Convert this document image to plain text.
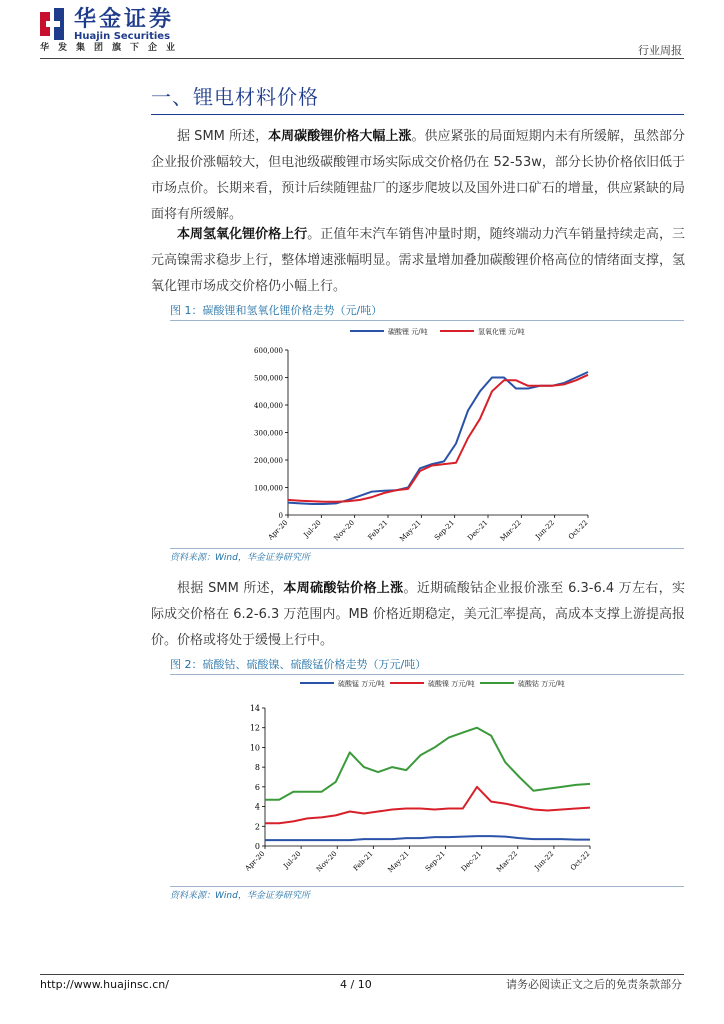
华金证券
Huajin Securities
华发集团旗下企业	行业周报
一、锂电材料价格
据 SMM 所述，本周碳酸锂价格大幅上涨。供应紧张的局面短期内未有所缓解，虽然部分企业报价涨幅较大，但电池级碳酸锂市场实际成交价格仍在 52-53w，部分长协价格依旧低于市场点价。长期来看，预计后续随锂盐厂的逐步爬坡以及国外进口矿石的增量，供应紧缺的局面将有所缓解。
本周氢氧化锂价格上行。正值年末汽车销售冲量时期，随终端动力汽车销量持续走高，三元高镍需求稳步上行，整体增速涨幅明显。需求量增加叠加碳酸锂价格高位的情绪面支撑，氢氧化锂市场成交价格仍小幅上行。
图 1：碳酸锂和氢氧化锂价格走势（元/吨）
碳酸锂 元/吨	氢氧化锂 元/吨
0
100,000
200,000
300,000
400,000
500,000
600,000
Apr-20 Jul-20 Nov-20 Feb-21 May-21 Sep-21 Dec-21 Mar-22 Jun-22 Oct-22
资料来源：Wind，华金证券研究所
根据 SMM 所述，本周硫酸钴价格上涨。近期硫酸钴企业报价涨至 6.3-6.4 万左右，实际成交价格在 6.2-6.3 万范围内。MB 价格近期稳定，美元汇率提高，高成本支撑上游提高报价。价格或将处于缓慢上行中。
图 2：硫酸钴、硫酸镍、硫酸锰价格走势（万元/吨）
硫酸锰 万元/吨	硫酸镍 万元/吨	硫酸钴 万元/吨
0
2
4
6
8
10
12
14
Apr-20 Jul-20 Nov-20 Feb-21 May-21 Sep-21 Dec-21 Mar-22 Jun-22 Oct-22
资料来源：Wind，华金证券研究所
http://www.huajinsc.cn/	4 / 10	请务必阅读正文之后的免责条款部分
